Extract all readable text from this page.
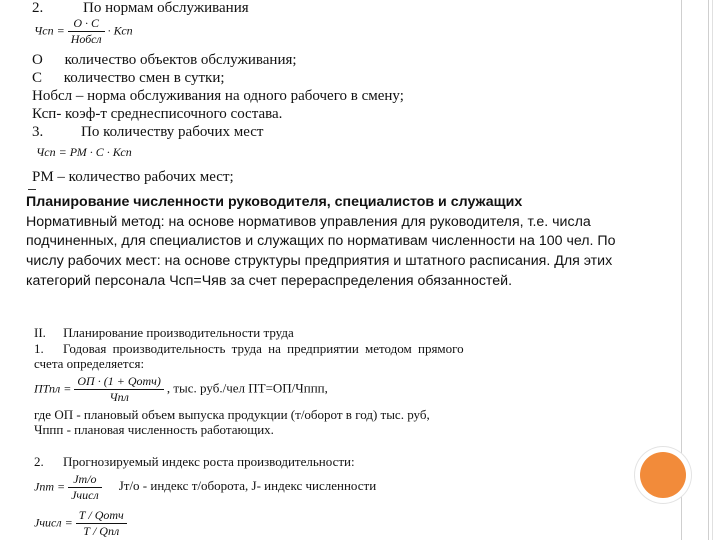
2.	По нормам обслуживания
Чсп = $\frac{О \cdot С}{\text{Нобсл}}$ · Ксп
О количество объектов обслуживания;
С количество смен в сутки;
Нобсл – норма обслуживания на одного рабочего в смену;
Ксп- коэф-т среднесписочного состава.
3.	По количеству рабочих мест
Чсп = РМ · С · Ксп
РМ – количество рабочих мест;

Планирование численности руководителя, специалистов и служащих

Нормативный метод: на основе нормативов управления для руководителя, т.е. числа подчиненных, для специалистов и служащих по нормативам численности на 100 чел. По числу рабочих мест: на основе структуры предприятия и штатного расписания. Для этих категорий персонала Чсп=Чяв за счет перераспределения обязанностей.

II. Планирование производительности труда
1. Годовая производительность труда на предприятии методом прямого
счета определяется:
ПТпл = $\frac{\text{ОП · (1 + Qотч)}}{\text{Чпл}}$ , тыс. руб./чел ПТ=ОП/Чппп,
где ОП - плановый объем выпуска продукции (т/оборот в год) тыс. руб,
Чппп - плановая численность работающих.
2. Прогнозируемый индекс роста производительности:
Jпт = $\frac{Jт/о}{\text{Jчисл}} Jт/о$ - индекс т/оборота, J- индекс численности
Jчисл = $\frac{\text{Т / Qотч}}{\text{Т / Qпл}}$
